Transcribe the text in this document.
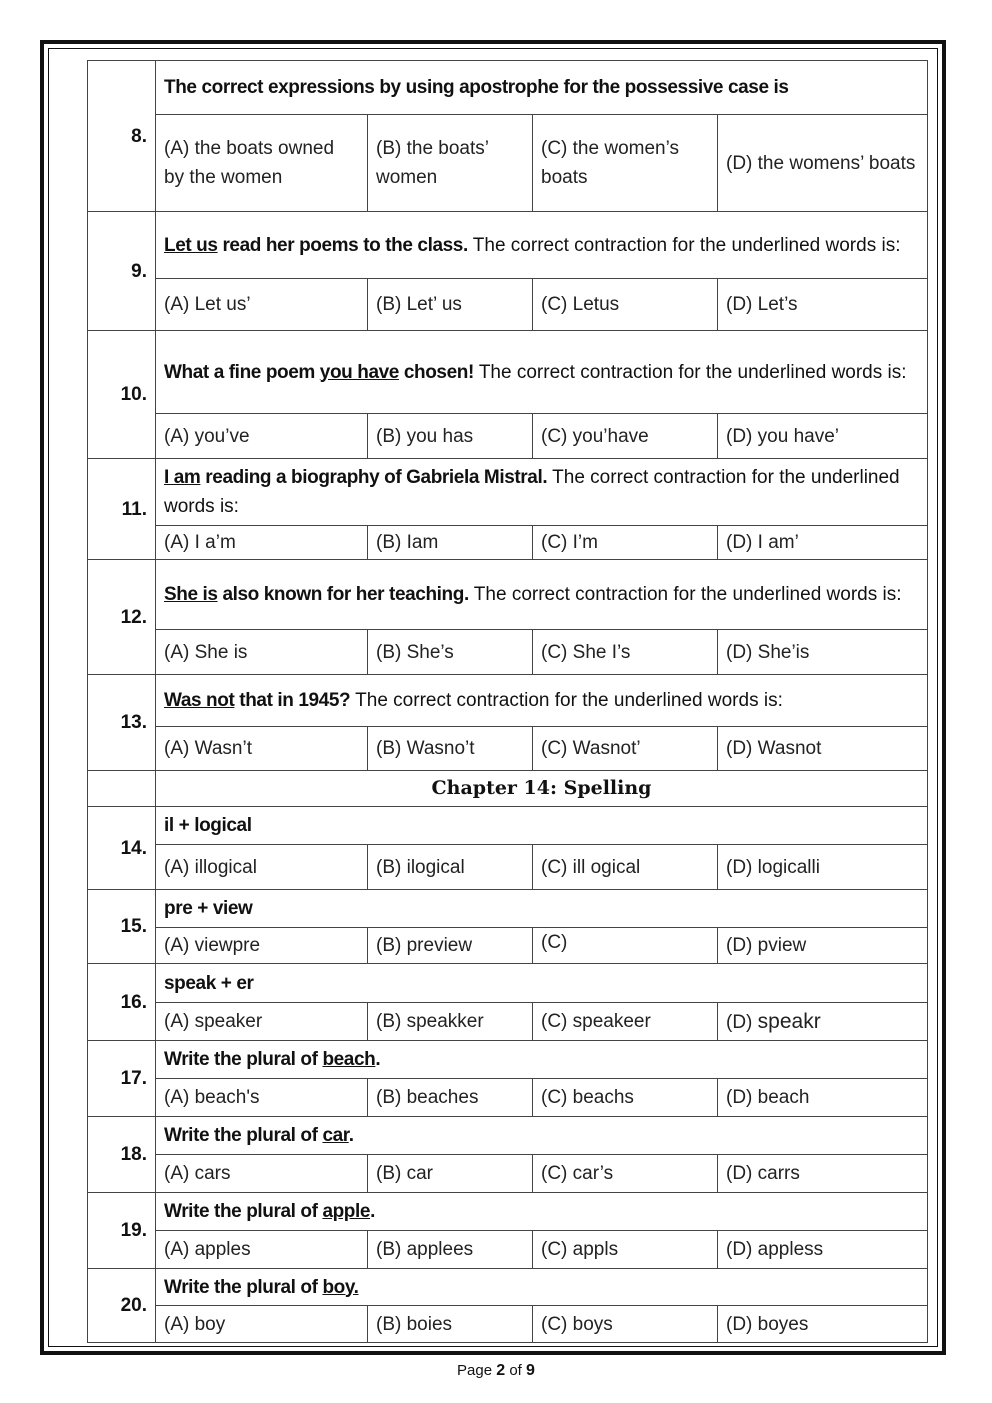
8.	The correct expressions by using apostrophe for the possessive case is			
	(A) the boats owned by the women	(B) the boats’ women	(C) the women’s boats	(D) the womens’ boats
9.	Let us read her poems to the class. The correct contraction for the underlined words is:			
	(A) Let us’	(B) Let’ us	(C) Letus	(D) Let’s
10.	What a fine poem you have chosen! The correct contraction for the underlined words is:			
	(A) you’ve	(B) you has	(C) you’have	(D) you have’
11.	I am reading a biography of Gabriela Mistral. The correct contraction for the underlined words is:			
	(A) I a’m	(B) Iam	(C) I’m	(D) I am’
12.	She is also known for her teaching. The correct contraction for the underlined words is:			
	(A) She is	(B) She’s	(C) She I’s	(D) She’is
13.	Was not that in 1945? The correct contraction for the underlined words is:			
	(A) Wasn’t	(B) Wasno’t	(C) Wasnot’	(D) Wasnot
	Chapter 14: Spelling			
14.	il + logical			
	(A) illogical	(B) ilogical	(C) ill ogical	(D) logicalli
15.	pre + view			
	(A) viewpre	(B) preview	(C)	(D) pview
16.	speak + er			
	(A) speaker	(B) speakker	(C) speakeer	(D) speakr
17.	Write the plural of beach.			
	(A) beach's	(B) beaches	(C) beachs	(D) beach
18.	Write the plural of car.			
	(A) cars	(B) car	(C) car’s	(D) carrs
19.	Write the plural of apple.			
	(A) apples	(B) applees	(C) appls	(D) appless
20.	Write the plural of boy.			
	(A) boy	(B) boies	(C) boys	(D) boyes
Page 2 of 9
